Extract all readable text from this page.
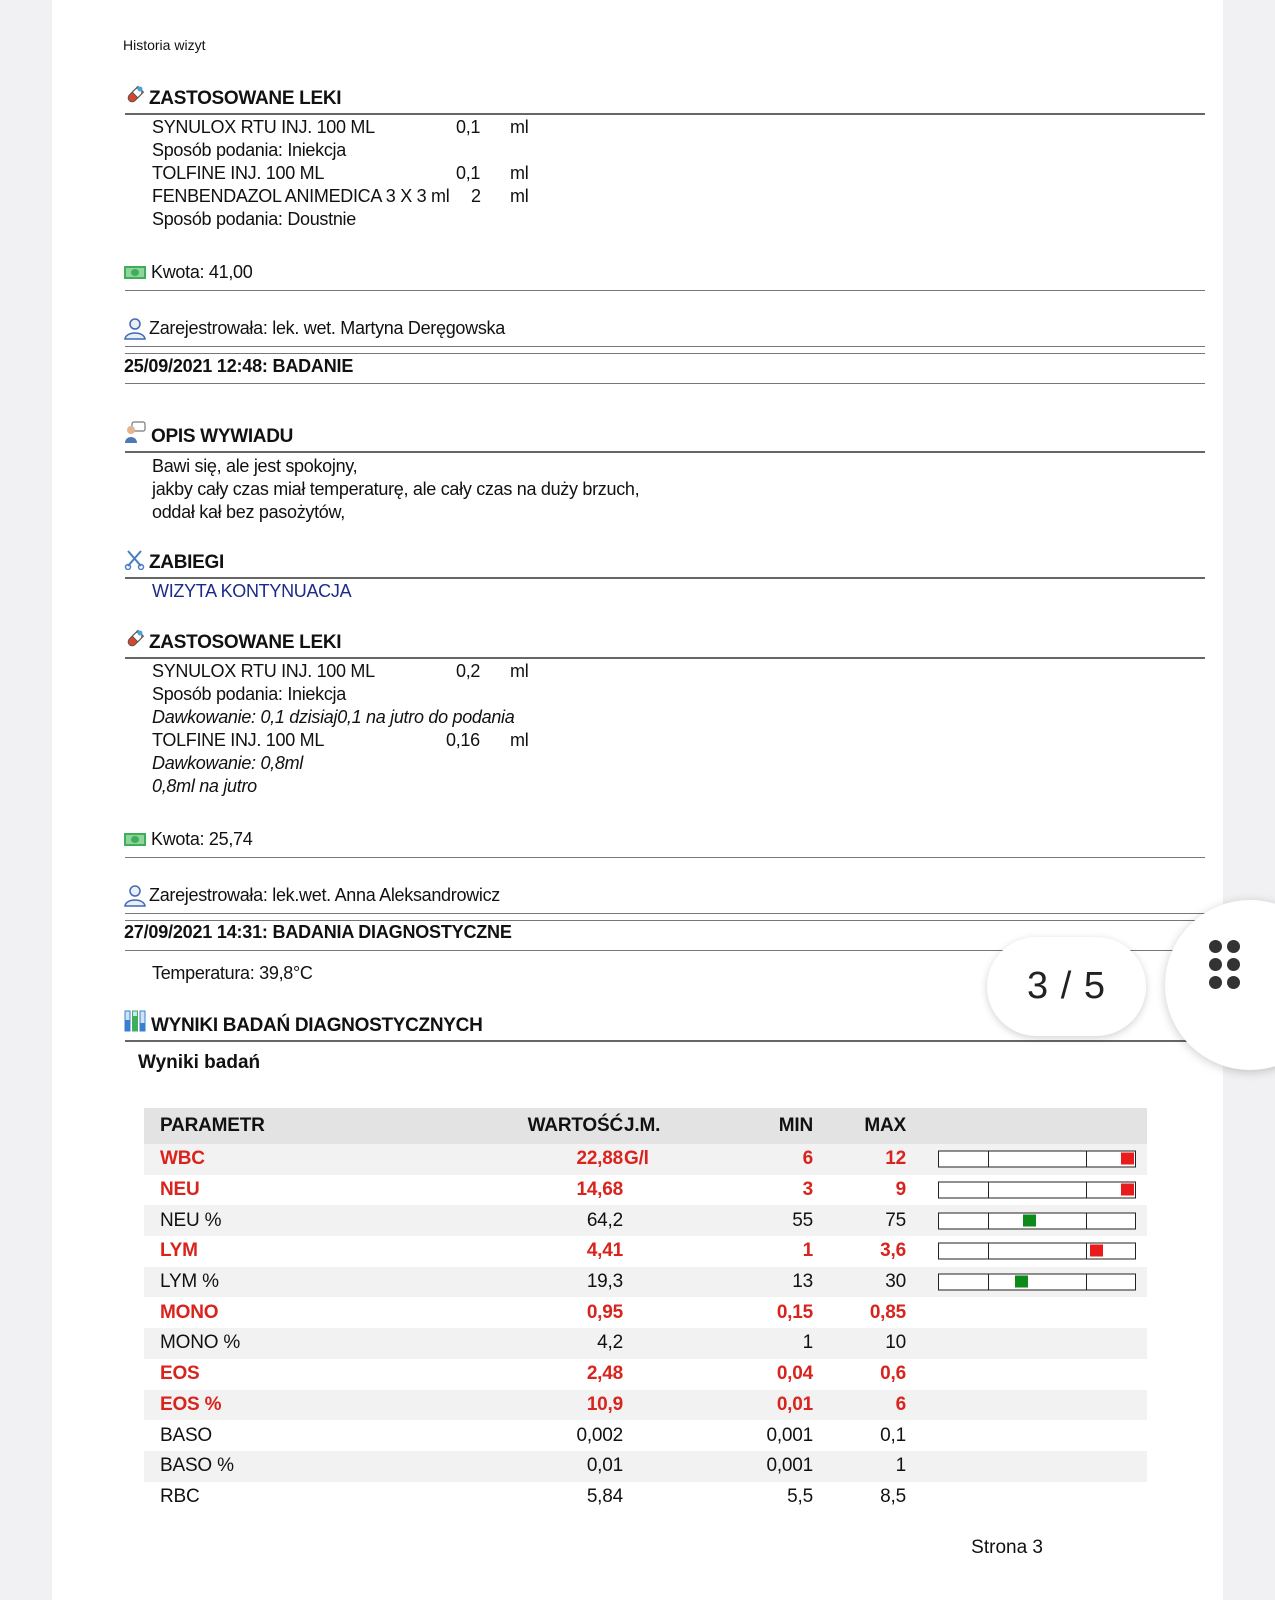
Historia wizyt
ZASTOSOWANE LEKI
SYNULOX RTU INJ. 100 ML	0,1 ml
Sposób podania: Iniekcja
TOLFINE INJ. 100 ML	0,1 ml
FENBENDAZOL ANIMEDICA 3 X 3 ml 2 ml
Sposób podania: Doustnie
Kwota: 41,00
Zarejestrowała: lek. wet. Martyna Deręgowska
25/09/2021 12:48: BADANIE
OPIS WYWIADU
Bawi się, ale jest spokojny,
jakby cały czas miał temperaturę, ale cały czas na duży brzuch,
oddał kał bez pasożytów,
ZABIEGI
WIZYTA KONTYNUACJA
ZASTOSOWANE LEKI
SYNULOX RTU INJ. 100 ML	0,2 ml
Sposób podania: Iniekcja
Dawkowanie: 0,1 dzisiaj0,1 na jutro do podania
TOLFINE INJ. 100 ML	0,16 ml
Dawkowanie: 0,8ml
0,8ml na jutro
Kwota: 25,74
Zarejestrowała: lek.wet. Anna Aleksandrowicz
27/09/2021 14:31: BADANIA DIAGNOSTYCZNE
Temperatura: 39,8°C
WYNIKI BADAŃ DIAGNOSTYCZNYCH
Wyniki badań
PARAMETR	WARTOŚĆ J.M.	MIN	MAX
WBC	22,88 G/l	6	12
NEU	14,68	3	9
NEU %	64,2	55	75
LYM	4,41	1	3,6
LYM %	19,3	13	30
MONO	0,95	0,15	0,85
MONO %	4,2	1	10
EOS	2,48	0,04	0,6
EOS %	10,9	0,01	6
BASO	0,002	0,001	0,1
BASO %	0,01	0,001	1
RBC	5,84	5,5	8,5
Strona 3
3 / 5
